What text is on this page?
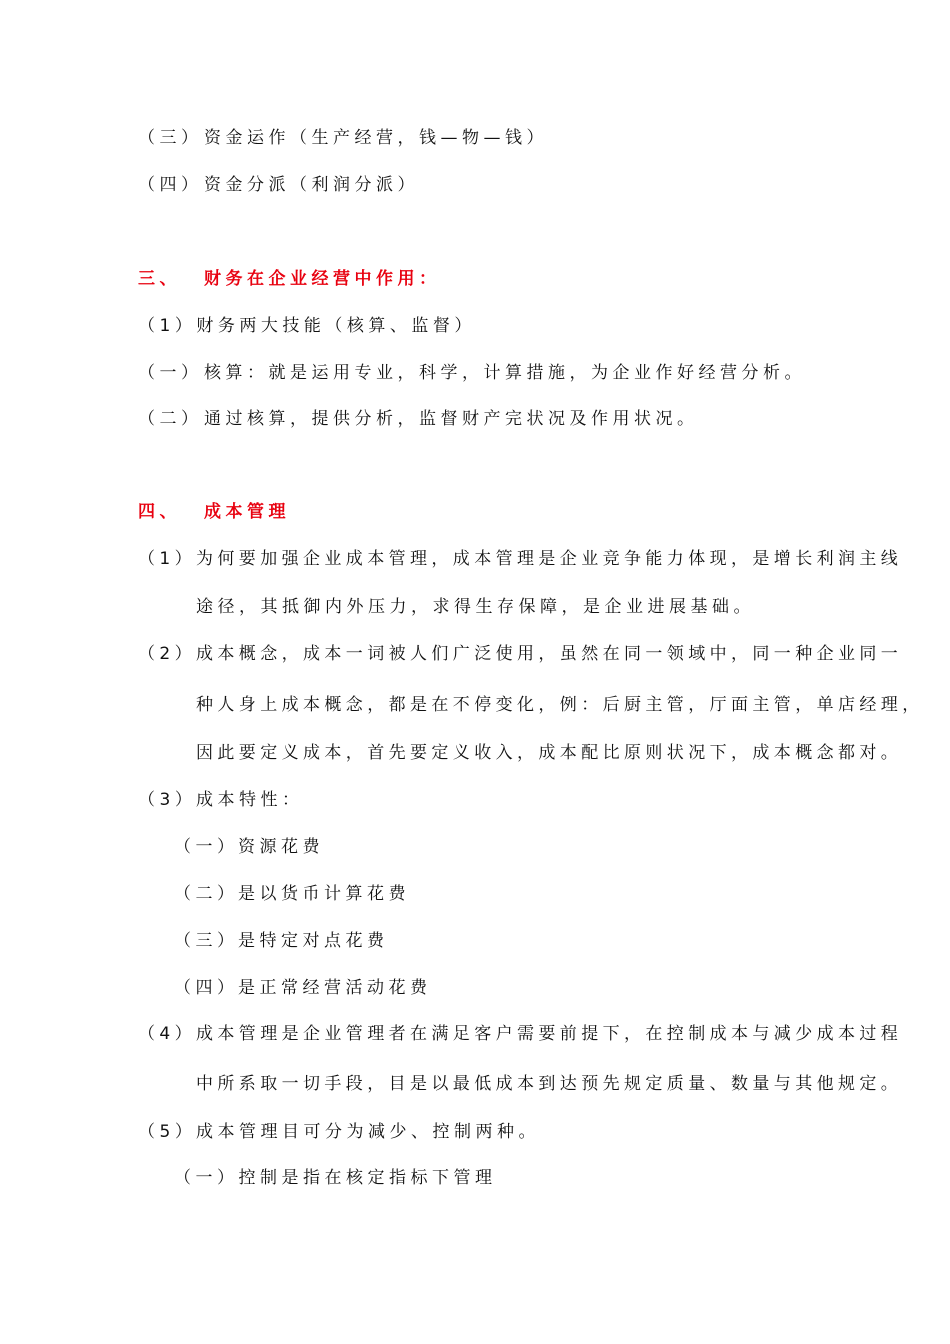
（三）资金运作（生产经营，钱—物—钱）
（四）资金分派（利润分派）
三、 财务在企业经营中作用：
（1）财务两大技能（核算、监督）
（一）核算：就是运用专业，科学，计算措施，为企业作好经营分析。
（二）通过核算，提供分析，监督财产完状况及作用状况。
四、 成本管理
（1）为何要加强企业成本管理，成本管理是企业竞争能力体现，是增长利润主线
途径，其抵御内外压力，求得生存保障，是企业进展基础。
（2）成本概念，成本一词被人们广泛使用，虽然在同一领域中，同一种企业同一
种人身上成本概念，都是在不停变化，例：后厨主管，厅面主管，单店经理，
因此要定义成本，首先要定义收入，成本配比原则状况下，成本概念都对。
（3）成本特性：
（一）资源花费
（二）是以货币计算花费
（三）是特定对点花费
（四）是正常经营活动花费
（4）成本管理是企业管理者在满足客户需要前提下，在控制成本与减少成本过程
中所系取一切手段，目是以最低成本到达预先规定质量、数量与其他规定。
（5）成本管理目可分为减少、控制两种。
（一）控制是指在核定指标下管理
